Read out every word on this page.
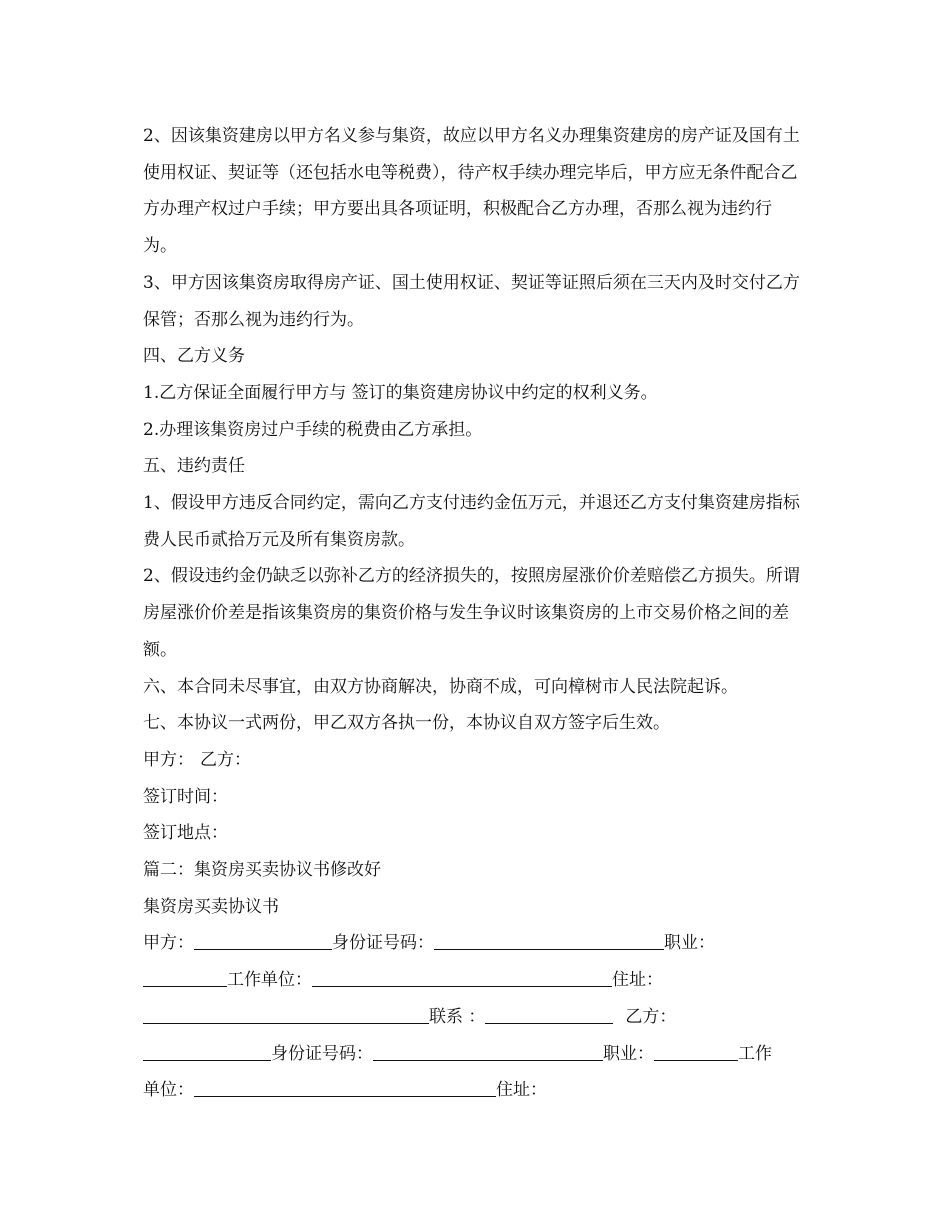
2、因该集资建房以甲方名义参与集资，故应以甲方名义办理集资建房的房产证及国有土使用权证、契证等（还包括水电等税费），待产权手续办理完毕后，甲方应无条件配合乙方办理产权过户手续；甲方要出具各项证明，积极配合乙方办理，否那么视为违约行为。

3、甲方因该集资房取得房产证、国土使用权证、契证等证照后须在三天内及时交付乙方保管；否那么视为违约行为。

四、乙方义务

1.乙方保证全面履行甲方与 签订的集资建房协议中约定的权利义务。

2.办理该集资房过户手续的税费由乙方承担。

五、违约责任

1、假设甲方违反合同约定，需向乙方支付违约金伍万元，并退还乙方支付集资建房指标费人民币贰拾万元及所有集资房款。

2、假设违约金仍缺乏以弥补乙方的经济损失的，按照房屋涨价价差赔偿乙方损失。所谓房屋涨价价差是指该集资房的集资价格与发生争议时该集资房的上市交易价格之间的差额。

六、本合同未尽事宜，由双方协商解决，协商不成，可向樟树市人民法院起诉。

七、本协议一式两份，甲乙双方各执一份，本协议自双方签字后生效。

甲方： 乙方：

签订时间：

签订地点：

篇二：集资房买卖协议书修改好

集资房买卖协议书

甲方：	身份证号码：	职业：

工作单位：	住址：

联系 ：	乙方：

身份证号码：	职业：	工作

单位：	住址：
